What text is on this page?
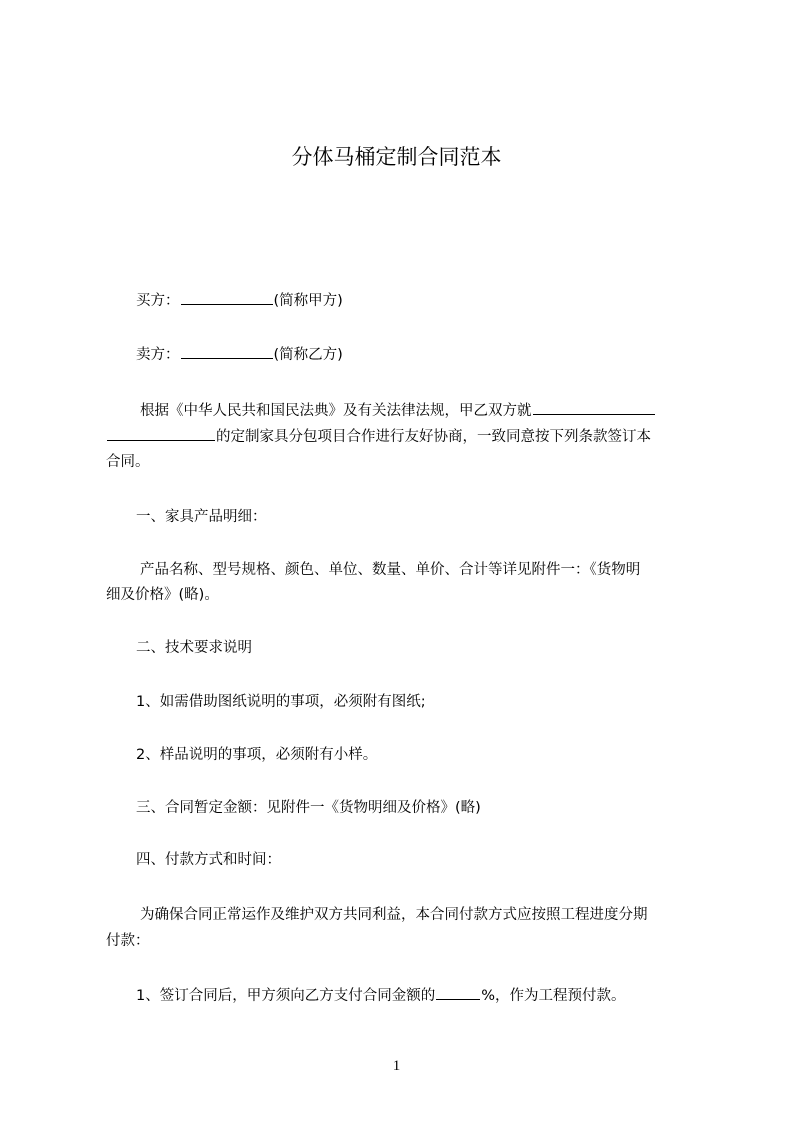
分体马桶定制合同范本
买方：	(简称甲方)
卖方：	(简称乙方)
根据《中华人民共和国民法典》及有关法律法规，甲乙双方就
的定制家具分包项目合作进行友好协商，一致同意按下列条款签订本
合同。
一、家具产品明细：
产品名称、型号规格、颜色、单位、数量、单价、合计等详见附件一：《货物明
细及价格》(略)。
二、技术要求说明
1、如需借助图纸说明的事项，必须附有图纸;
2、样品说明的事项，必须附有小样。
三、合同暂定金额：见附件一《货物明细及价格》(略)
四、付款方式和时间：
为确保合同正常运作及维护双方共同利益，本合同付款方式应按照工程进度分期
付款：
1、签订合同后，甲方须向乙方支付合同金额的	%，作为工程预付款。
1
